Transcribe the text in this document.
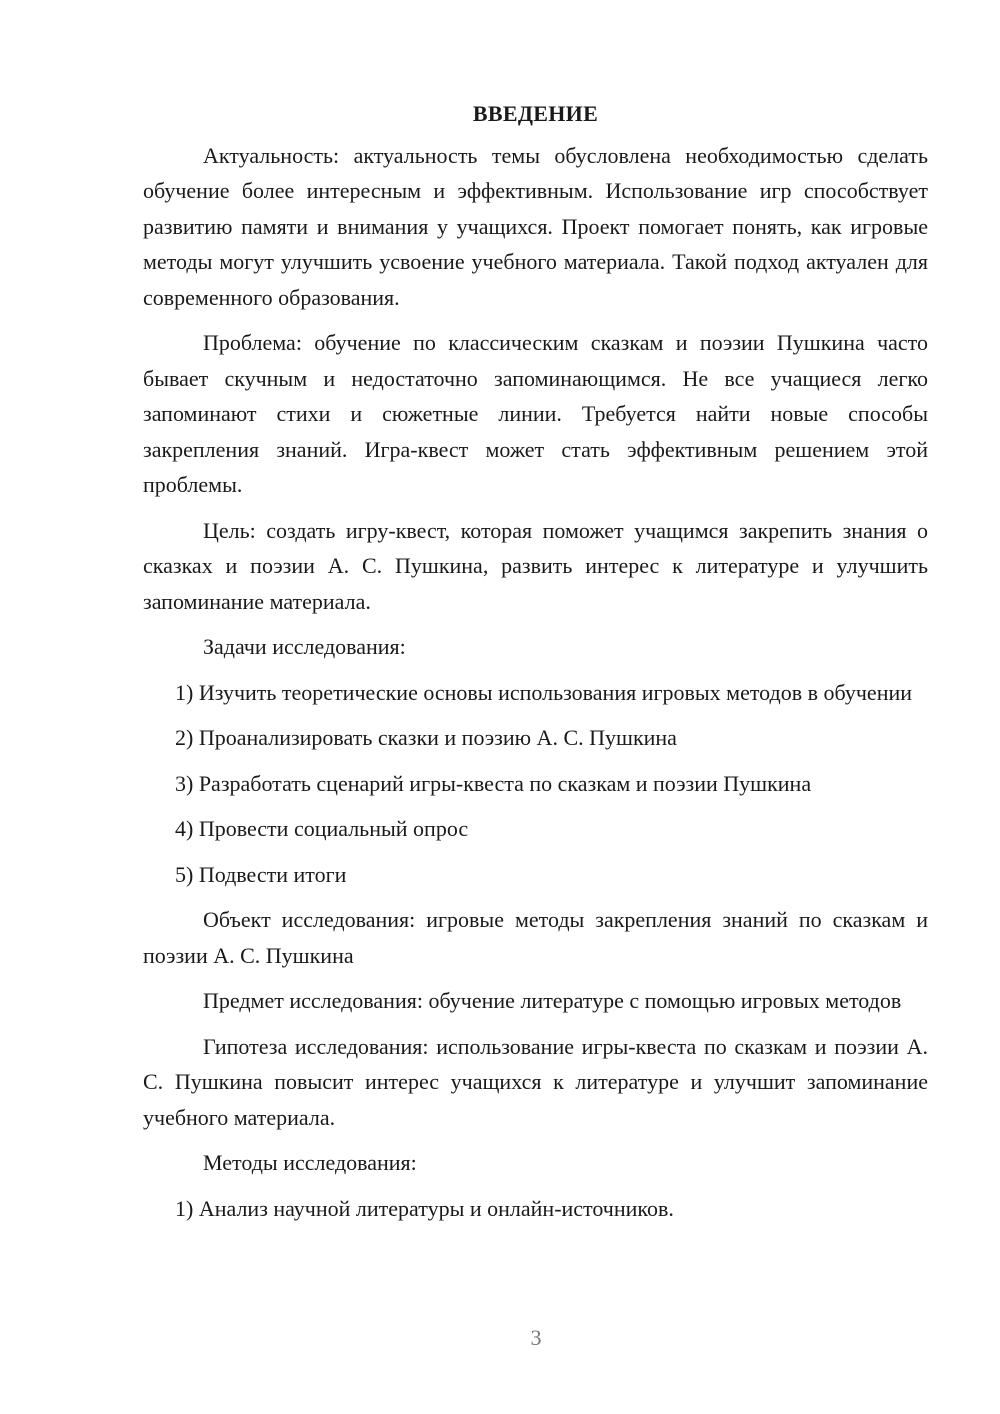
ВВЕДЕНИЕ

Актуальность: актуальность темы обусловлена необходимостью сделать обучение более интересным и эффективным. Использование игр способствует развитию памяти и внимания у учащихся. Проект помогает понять, как игровые методы могут улучшить усвоение учебного материала. Такой подход актуален для современного образования.

Проблема: обучение по классическим сказкам и поэзии Пушкина часто бывает скучным и недостаточно запоминающимся. Не все учащиеся легко запоминают стихи и сюжетные линии. Требуется найти новые способы закрепления знаний. Игра-квест может стать эффективным решением этой проблемы.

Цель: создать игру-квест, которая поможет учащимся закрепить знания о сказках и поэзии А. С. Пушкина, развить интерес к литературе и улучшить запоминание материала.

Задачи исследования:

1) Изучить теоретические основы использования игровых методов в обучении

2) Проанализировать сказки и поэзию А. С. Пушкина

3) Разработать сценарий игры-квеста по сказкам и поэзии Пушкина

4) Провести социальный опрос

5) Подвести итоги

Объект исследования: игровые методы закрепления знаний по сказкам и поэзии А. С. Пушкина

Предмет исследования: обучение литературе с помощью игровых методов

Гипотеза исследования: использование игры-квеста по сказкам и поэзии А. С. Пушкина повысит интерес учащихся к литературе и улучшит запоминание учебного материала.

Методы исследования:

1) Анализ научной литературы и онлайн-источников.

3
